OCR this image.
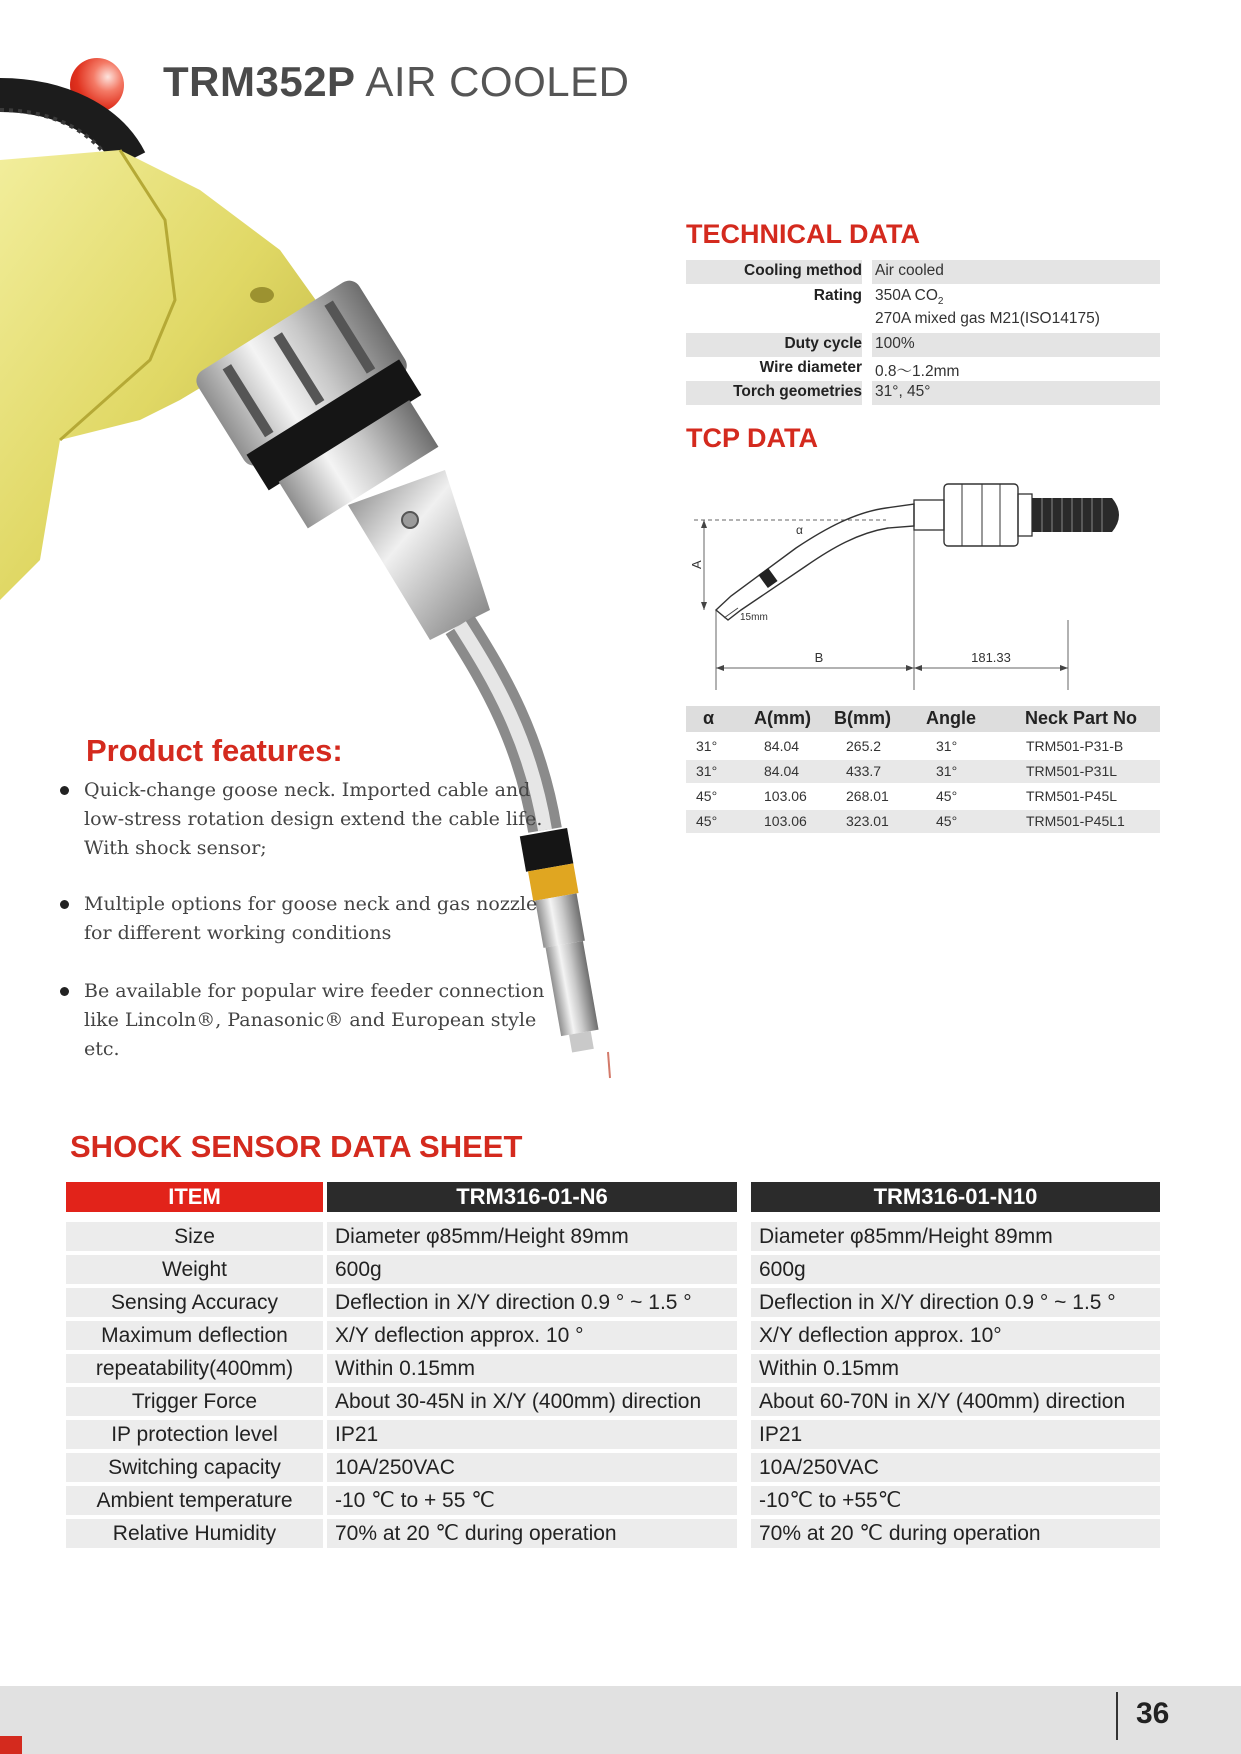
TRM352P AIR COOLED
TECHNICAL DATA
Cooling method Air cooled
Rating 350A $CO_2$
270A mixed gas M21(ISO14175)
Duty cycle 100%
Wire diameter 0.8～1.2mm
Torch geometries 31°, 45°
TCP DATA
A
B	181.33
α
15mm
α A(mm) B(mm) Angle	Neck Part No
31°	84.04	265.2	31°	TRM501-P31-B
31°	84.04	433.7	31°	TRM501-P31L
45°	103.06	268.01	45°	TRM501-P45L
45°	103.06	323.01	45°	TRM501-P45L1
Product features:
Quick-change goose neck. Imported cable and low-stress rotation design extend the cable life. With shock sensor;
Multiple options for goose neck and gas nozzle for different working conditions
Be available for popular wire feeder connection like Lincoln®, Panasonic® and European style etc.
SHOCK SENSOR DATA SHEET
ITEM	TRM316-01-N6	TRM316-01-N10
Size	Diameter φ85mm/Height 89mm	Diameter φ85mm/Height 89mm
Weight	600g	600g
Sensing Accuracy	Deflection in X/Y direction 0.9 ° ~ 1.5 °	Deflection in X/Y direction 0.9 ° ~ 1.5 °
Maximum deflection	X/Y deflection approx. 10 °	X/Y deflection approx. 10°
repeatability(400mm)	Within 0.15mm	Within 0.15mm
Trigger Force	About 30-45N in X/Y (400mm) direction	About 60-70N in X/Y (400mm) direction
IP protection level	IP21	IP21
Switching capacity	10A/250VAC	10A/250VAC
Ambient temperature	-10 ℃ to + 55 ℃	-10℃ to +55℃
Relative Humidity	70% at 20 ℃ during operation	70% at 20 ℃ during operation
36
